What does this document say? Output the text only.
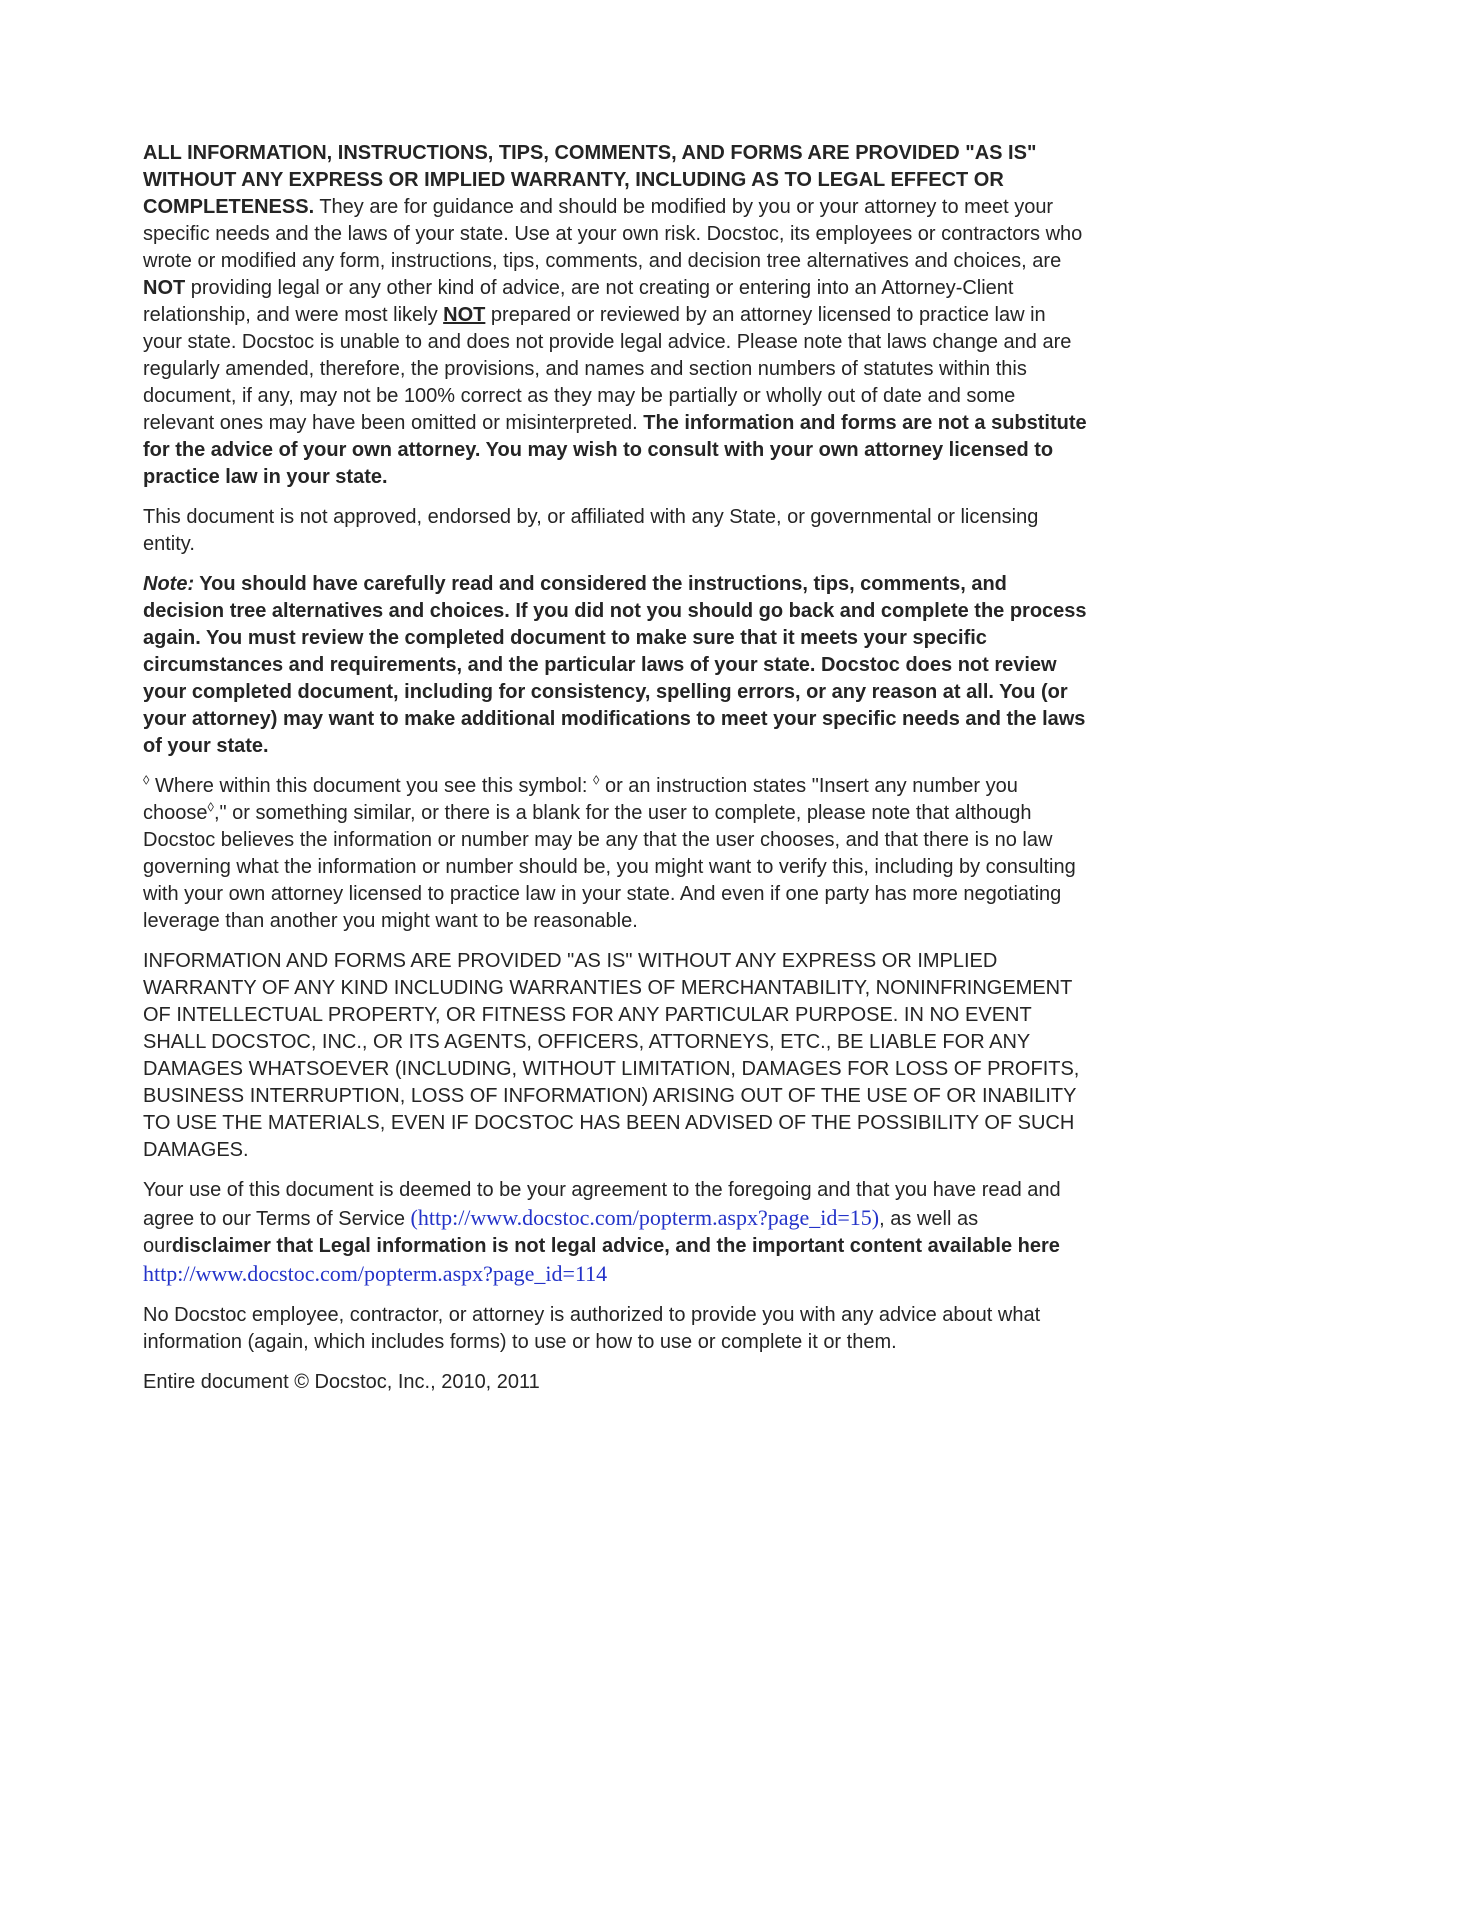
ALL INFORMATION, INSTRUCTIONS, TIPS, COMMENTS, AND FORMS ARE PROVIDED "AS IS" WITHOUT ANY EXPRESS OR IMPLIED WARRANTY, INCLUDING AS TO LEGAL EFFECT OR COMPLETENESS. They are for guidance and should be modified by you or your attorney to meet your specific needs and the laws of your state. Use at your own risk. Docstoc, its employees or contractors who wrote or modified any form, instructions, tips, comments, and decision tree alternatives and choices, are NOT providing legal or any other kind of advice, are not creating or entering into an Attorney-Client relationship, and were most likely NOT prepared or reviewed by an attorney licensed to practice law in your state. Docstoc is unable to and does not provide legal advice. Please note that laws change and are regularly amended, therefore, the provisions, and names and section numbers of statutes within this document, if any, may not be 100% correct as they may be partially or wholly out of date and some relevant ones may have been omitted or misinterpreted. The information and forms are not a substitute for the advice of your own attorney. You may wish to consult with your own attorney licensed to practice law in your state.

This document is not approved, endorsed by, or affiliated with any State, or governmental or licensing entity.

Note: You should have carefully read and considered the instructions, tips, comments, and decision tree alternatives and choices. If you did not you should go back and complete the process again. You must review the completed document to make sure that it meets your specific circumstances and requirements, and the particular laws of your state. Docstoc does not review your completed document, including for consistency, spelling errors, or any reason at all. You (or your attorney) may want to make additional modifications to meet your specific needs and the laws of your state.

◊ Where within this document you see this symbol: ◊ or an instruction states "Insert any number you choose◊," or something similar, or there is a blank for the user to complete, please note that although Docstoc believes the information or number may be any that the user chooses, and that there is no law governing what the information or number should be, you might want to verify this, including by consulting with your own attorney licensed to practice law in your state. And even if one party has more negotiating leverage than another you might want to be reasonable.

INFORMATION AND FORMS ARE PROVIDED "AS IS" WITHOUT ANY EXPRESS OR IMPLIED WARRANTY OF ANY KIND INCLUDING WARRANTIES OF MERCHANTABILITY, NONINFRINGEMENT OF INTELLECTUAL PROPERTY, OR FITNESS FOR ANY PARTICULAR PURPOSE. IN NO EVENT SHALL DOCSTOC, INC., OR ITS AGENTS, OFFICERS, ATTORNEYS, ETC., BE LIABLE FOR ANY DAMAGES WHATSOEVER (INCLUDING, WITHOUT LIMITATION, DAMAGES FOR LOSS OF PROFITS, BUSINESS INTERRUPTION, LOSS OF INFORMATION) ARISING OUT OF THE USE OF OR INABILITY TO USE THE MATERIALS, EVEN IF DOCSTOC HAS BEEN ADVISED OF THE POSSIBILITY OF SUCH DAMAGES.

Your use of this document is deemed to be your agreement to the foregoing and that you have read and agree to our Terms of Service (http://www.docstoc.com/popterm.aspx?page_id=15), as well as ourdisclaimer that Legal information is not legal advice, and the important content available here http://www.docstoc.com/popterm.aspx?page_id=114

No Docstoc employee, contractor, or attorney is authorized to provide you with any advice about what information (again, which includes forms) to use or how to use or complete it or them.

Entire document © Docstoc, Inc., 2010, 2011
